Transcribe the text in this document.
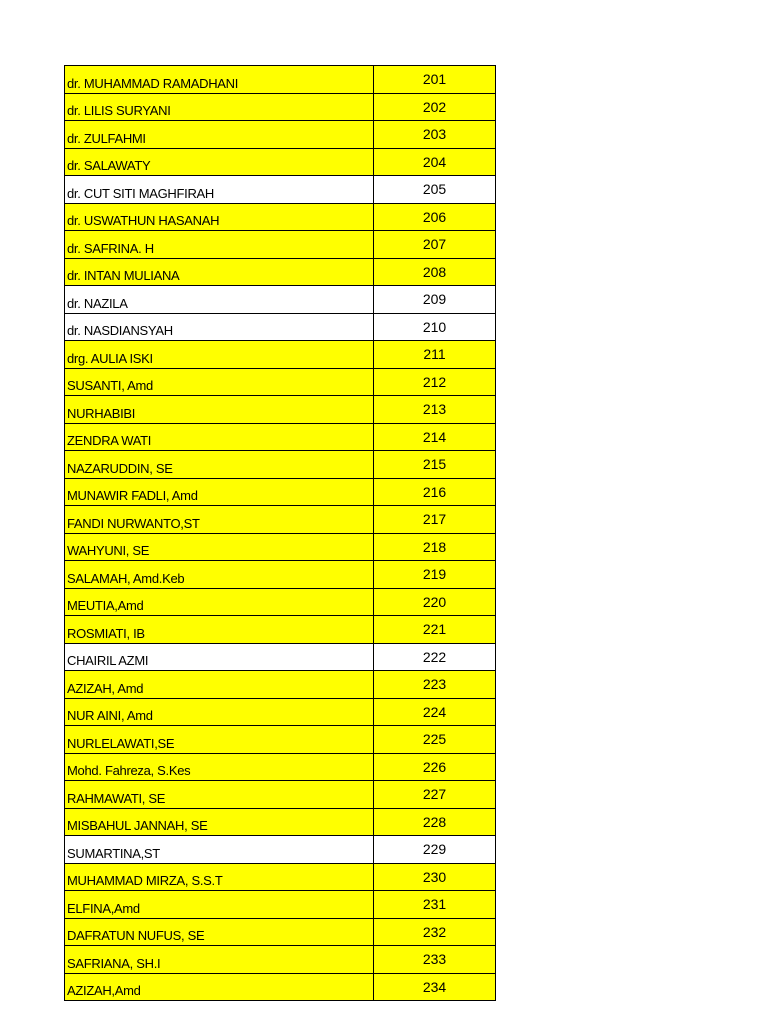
dr. MUHAMMAD RAMADHANI	201
dr. LILIS SURYANI	202
dr. ZULFAHMI	203
dr. SALAWATY	204
dr. CUT SITI MAGHFIRAH	205
dr. USWATHUN HASANAH	206
dr. SAFRINA. H	207
dr. INTAN MULIANA	208
dr. NAZILA	209
dr. NASDIANSYAH	210
drg. AULIA ISKI	211
SUSANTI, Amd	212
NURHABIBI	213
ZENDRA WATI	214
NAZARUDDIN, SE	215
MUNAWIR FADLI, Amd	216
FANDI NURWANTO,ST	217
WAHYUNI, SE	218
SALAMAH, Amd.Keb	219
MEUTIA,Amd	220
ROSMIATI, IB	221
CHAIRIL AZMI	222
AZIZAH, Amd	223
NUR AINI, Amd	224
NURLELAWATI,SE	225
Mohd. Fahreza, S.Kes	226
RAHMAWATI, SE	227
MISBAHUL JANNAH, SE	228
SUMARTINA,ST	229
MUHAMMAD MIRZA, S.S.T	230
ELFINA,Amd	231
DAFRATUN NUFUS, SE	232
SAFRIANA, SH.I	233
AZIZAH,Amd	234
